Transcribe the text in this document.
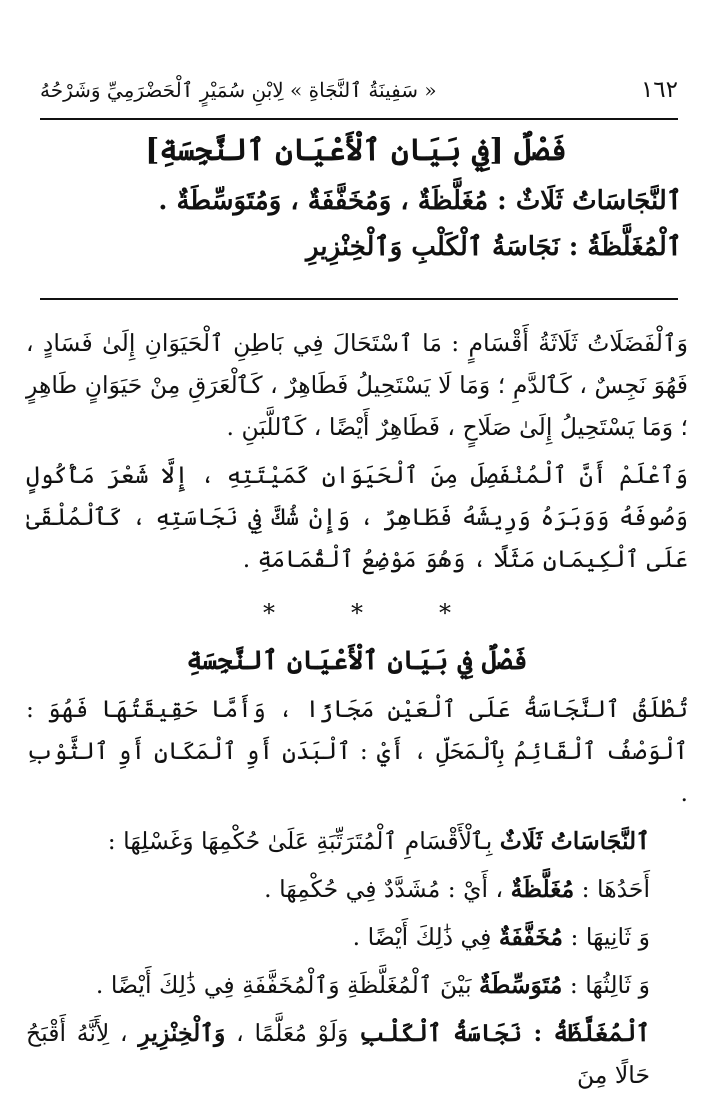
١٦٢
« سَفِينَةُ ٱلنَّجَاةِ » لِابْنِ سُمَيْرٍ ٱلْحَضْرَمِيِّ وَشَرْحُهُ
فَصْلٌ [فِي بَيَانِ ٱلْأَعْيَانِ ٱلنَّجِسَةِ]
ٱلنَّجَاسَاتُ ثَلَاثٌ : مُغَلَّظَةٌ ، وَمُخَفَّفَةٌ ، وَمُتَوَسِّطَةٌ .
ٱلْمُغَلَّظَةُ : نَجَاسَةُ ٱلْكَلْبِ وَٱلْخِنْزِيرِ

وَٱلْفَضَلَاتُ ثَلَاثَةُ أَقْسَامٍ : مَا ٱسْتَحَالَ فِي بَاطِنِ ٱلْحَيَوَانِ إِلَىٰ فَسَادٍ ، فَهُوَ نَجِسٌ ، كَٱلدَّمِ ؛ وَمَا لَا يَسْتَحِيلُ فَطَاهِرٌ ، كَٱلْعَرَقِ مِنْ حَيَوَانٍ طَاهِرٍ ؛ وَمَا يَسْتَحِيلُ إِلَىٰ صَلَاحٍ ، فَطَاهِرٌ أَيْضًا ، كَٱللَّبَنِ .

وَٱعْلَمْ أَنَّ ٱلْمُنْفَصِلَ مِنَ ٱلْحَيَوَانِ كَمَيْتَتِهِ ، إِلَّا شَعْرَ مَأْكُولٍ وَصُوفَهُ وَوَبَرَهُ وَرِيشَهُ فَطَاهِرٌ ، وَإِنْ شُكَّ فِي نَجَاسَتِهِ ، كَٱلْمُلْقَىٰ عَلَى ٱلْكِيمَانِ مَثَلًا ، وَهُوَ مَوْضِعُ ٱلْقُمَامَةِ .

*	*	*
فَصْلٌ فِي بَيَانِ ٱلْأَعْيَانِ ٱلنَّجِسَةِ

تُطْلَقُ ٱلنَّجَاسَةُ عَلَى ٱلْعَيْنِ مَجَازًا ، وَأَمَّا حَقِيقَتُهَا فَهُوَ : ٱلْوَصْفُ ٱلْقَائِمُ بِٱلْمَحَلِّ ، أَيْ : ٱلْبَدَنِ أَوِ ٱلْمَكَانِ أَوِ ٱلثَّوْبِ .

ٱلنَّجَاسَاتُ ثَلَاثٌ بِٱلْأَقْسَامِ ٱلْمُتَرَتِّبَةِ عَلَىٰ حُكْمِهَا وَغَسْلِهَا :

أَحَدُهَا : مُغَلَّظَةٌ ، أَيْ : مُشَدَّدٌ فِي حُكْمِهَا .

وَ ثَانِيهَا : مُخَفَّفَةٌ فِي ذَٰلِكَ أَيْضًا .

وَ ثَالِثُهَا : مُتَوَسِّطَةٌ بَيْنَ ٱلْمُغَلَّظَةِ وَٱلْمُخَفَّفَةِ فِي ذَٰلِكَ أَيْضًا .

ٱلْمُغَلَّظَةُ : نَجَاسَةُ ٱلْكَلْبِ وَلَوْ مُعَلَّمًا ، وَٱلْخِنْزِيرِ ، لِأَنَّهُ أَقْبَحُ حَالًا مِنَ
